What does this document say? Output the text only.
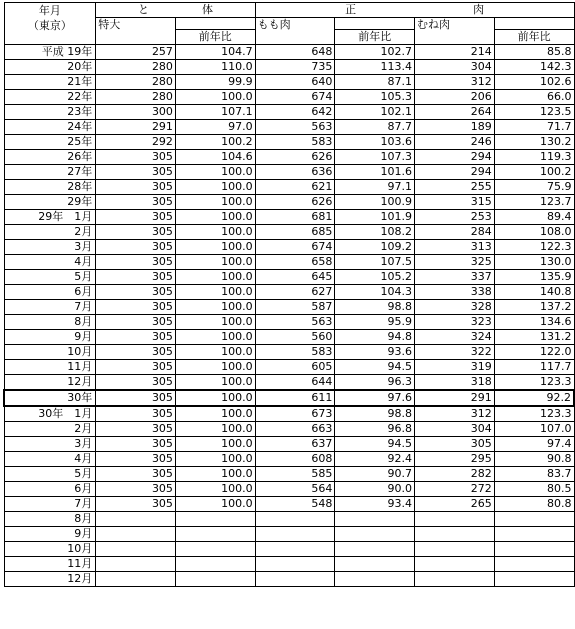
年月
（東京）	と 体		正 肉			
	特大		もも肉		むね肉	
		前年比		前年比		前年比
平成 19年	257	104.7	648	102.7	214	85.8
20年	280	110.0	735	113.4	304	142.3
21年	280	99.9	640	87.1	312	102.6
22年	280	100.0	674	105.3	206	66.0
23年	300	107.1	642	102.1	264	123.5
24年	291	97.0	563	87.7	189	71.7
25年	292	100.2	583	103.6	246	130.2
26年	305	104.6	626	107.3	294	119.3
27年	305	100.0	636	101.6	294	100.2
28年	305	100.0	621	97.1	255	75.9
29年	305	100.0	626	100.9	315	123.7
29年　1月	305	100.0	681	101.9	253	89.4
2月	305	100.0	685	108.2	284	108.0
3月	305	100.0	674	109.2	313	122.3
4月	305	100.0	658	107.5	325	130.0
5月	305	100.0	645	105.2	337	135.9
6月	305	100.0	627	104.3	338	140.8
7月	305	100.0	587	98.8	328	137.2
8月	305	100.0	563	95.9	323	134.6
9月	305	100.0	560	94.8	324	131.2
10月	305	100.0	583	93.6	322	122.0
11月	305	100.0	605	94.5	319	117.7
12月	305	100.0	644	96.3	318	123.3
30年	305	100.0	611	97.6	291	92.2
30年　1月	305	100.0	673	98.8	312	123.3
2月	305	100.0	663	96.8	304	107.0
3月	305	100.0	637	94.5	305	97.4
4月	305	100.0	608	92.4	295	90.8
5月	305	100.0	585	90.7	282	83.7
6月	305	100.0	564	90.0	272	80.5
7月	305	100.0	548	93.4	265	80.8
8月						
9月						
10月						
11月						
12月						
